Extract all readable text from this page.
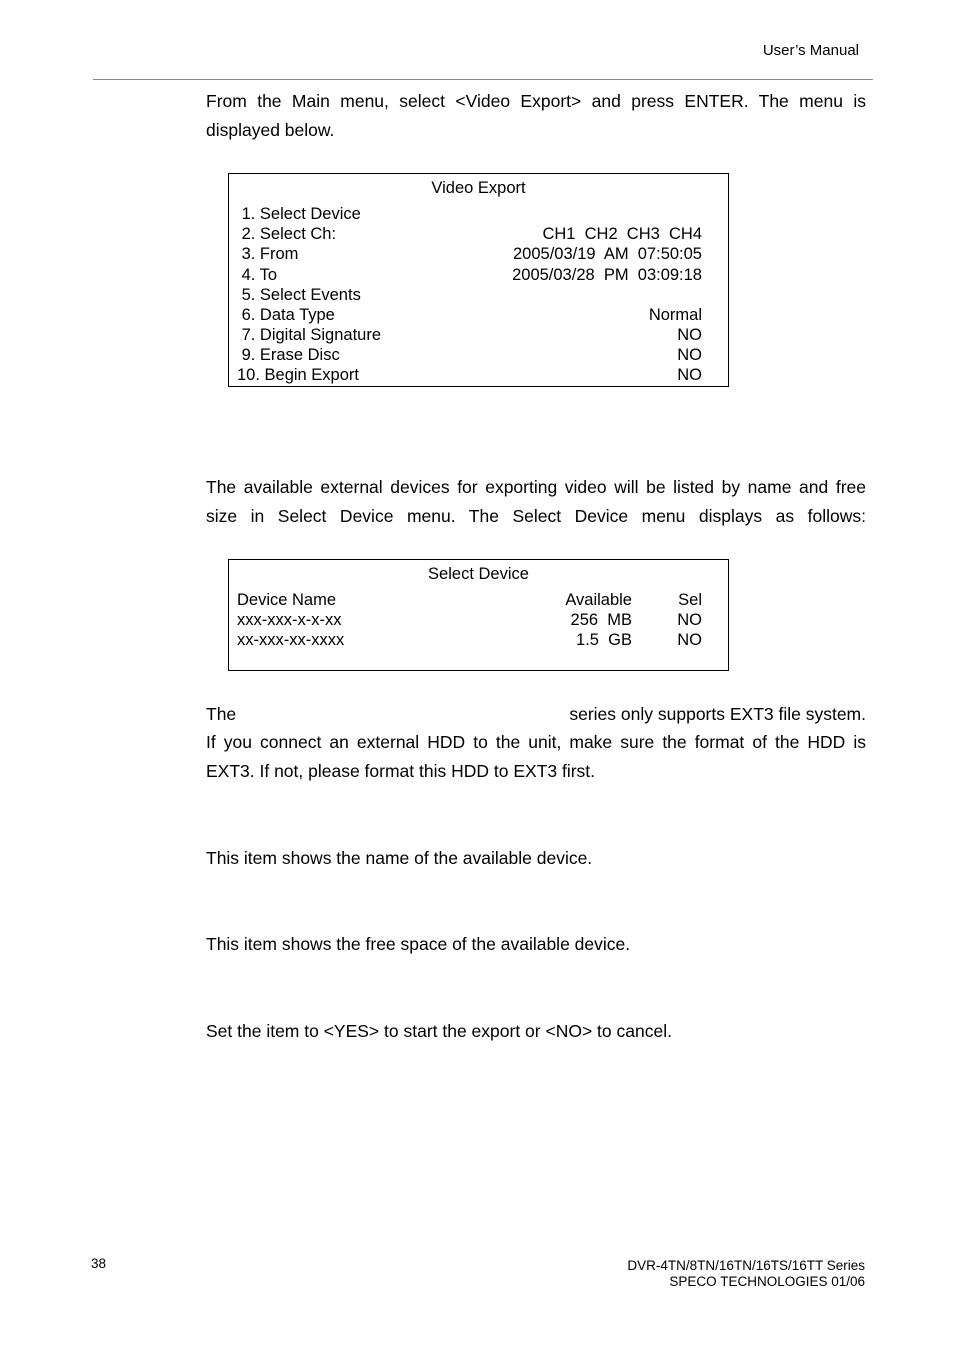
User’s Manual
From the Main menu, select <Video Export> and press ENTER. The menu is displayed below.
Video Export
1. Select Device
2. Select Ch:	CH1  CH2  CH3  CH4
3. From	2005/03/19  AM  07:50:05
4. To	2005/03/28  PM  03:09:18
5. Select Events
6. Data Type	Normal
7. Digital Signature	NO
9. Erase Disc	NO
10. Begin Export	NO
The available external devices for exporting video will be listed by name and free size in Select Device menu. The Select Device menu displays as follows:
Select Device
Device Name	Available	Sel
xxx-xxx-x-x-xx	256  MB	NO
xx-xxx-xx-xxxx	1.5  GB	NO
The	series only supports EXT3 file system.
If you connect an external HDD to the unit, make sure the format of the HDD is EXT3. If not, please format this HDD to EXT3 first.
This item shows the name of the available device.
This item shows the free space of the available device.
Set the item to <YES> to start the export or <NO> to cancel.
38	DVR-4TN/8TN/16TN/16TS/16TT Series
SPECO TECHNOLOGIES 01/06
